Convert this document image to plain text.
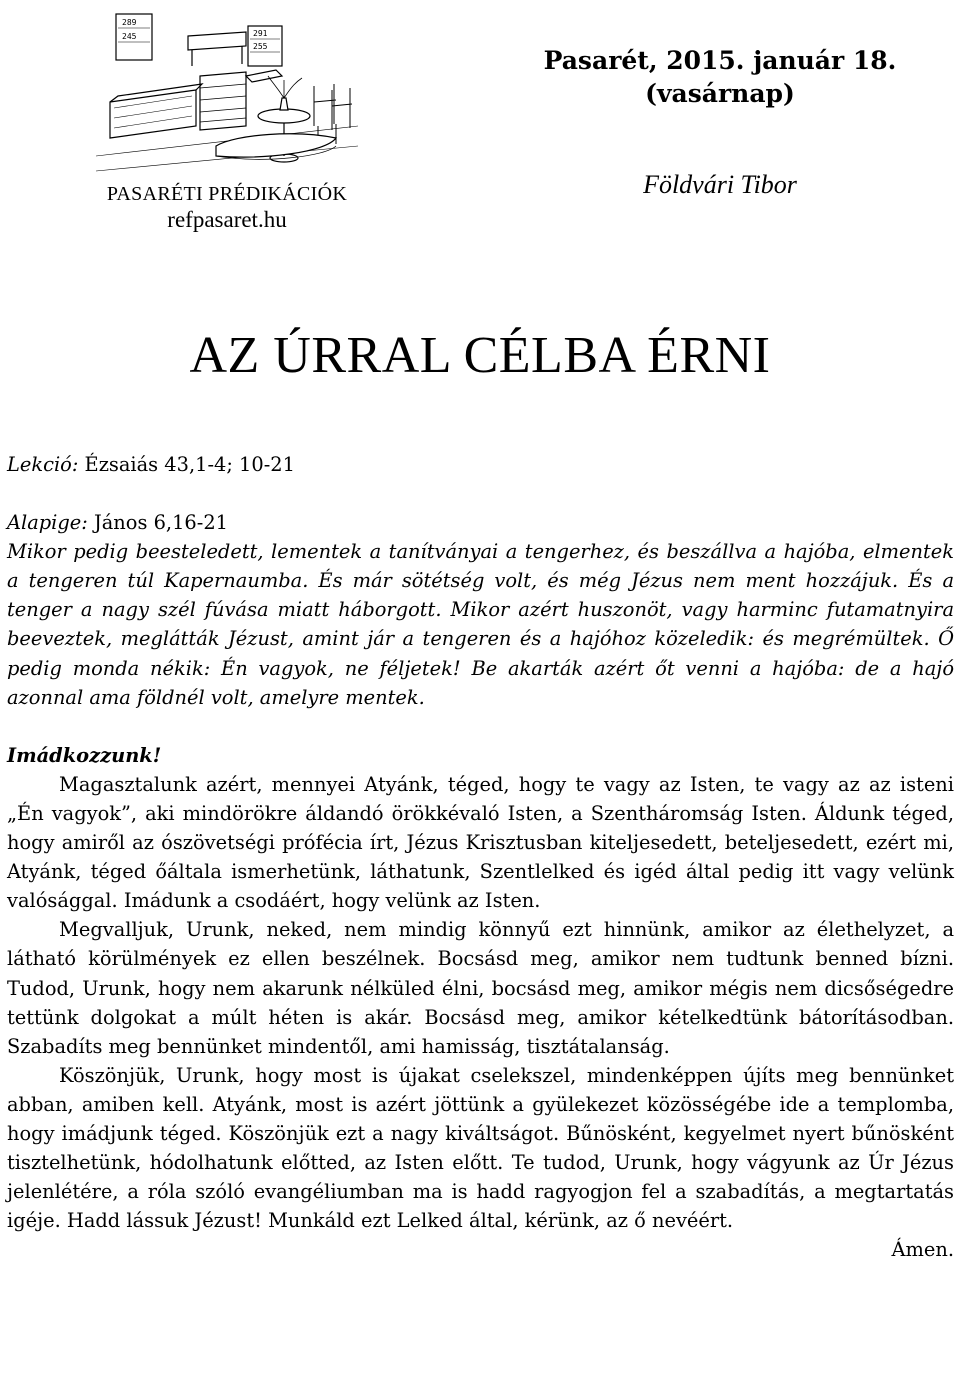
289
245	291
255
PASARÉTI PRÉDIKÁCIÓK
refpasaret.hu
Pasarét, 2015. január 18.
(vasárnap)
Földvári Tibor
AZ ÚRRAL CÉLBA ÉRNI

Lekció: Ézsaiás 43,1-4; 10-21

Alapige: János 6,16-21

Mikor pedig beesteledett, lementek a tanítványai a tengerhez, és beszállva a hajóba, elmentek a tengeren túl Kapernaumba. És már sötétség volt, és még Jézus nem ment hozzájuk. És a tenger a nagy szél fúvása miatt háborgott. Mikor azért huszonöt, vagy harminc futamatnyira beeveztek, meglátták Jézust, amint jár a tengeren és a hajóhoz közeledik: és megrémültek. Ő pedig monda nékik: Én vagyok, ne féljetek! Be akarták azért őt venni a hajóba: de a hajó azonnal ama földnél volt, amelyre mentek.

Imádkozzunk!

Magasztalunk azért, mennyei Atyánk, téged, hogy te vagy az Isten, te vagy az az isteni „Én vagyok”, aki mindörökre áldandó örökkévaló Isten, a Szentháromság Isten. Áldunk téged, hogy amiről az ószövetségi prófécia írt, Jézus Krisztusban kiteljesedett, beteljesedett, ezért mi, Atyánk, téged őáltala ismerhetünk, láthatunk, Szentlelked és igéd által pedig itt vagy velünk valósággal. Imádunk a csodáért, hogy velünk az Isten.

Megvalljuk, Urunk, neked, nem mindig könnyű ezt hinnünk, amikor az élethelyzet, a látható körülmények ez ellen beszélnek. Bocsásd meg, amikor nem tudtunk benned bízni. Tudod, Urunk, hogy nem akarunk nélküled élni, bocsásd meg, amikor mégis nem dicsőségedre tettünk dolgokat a múlt héten is akár. Bocsásd meg, amikor kételkedtünk bátorításodban. Szabadíts meg bennünket mindentől, ami hamisság, tisztátalanság.

Köszönjük, Urunk, hogy most is újakat cselekszel, mindenképpen újíts meg bennünket abban, amiben kell. Atyánk, most is azért jöttünk a gyülekezet közösségébe ide a templomba, hogy imádjunk téged. Köszönjük ezt a nagy kiváltságot. Bűnösként, kegyelmet nyert bűnösként tisztelhetünk, hódolhatunk előtted, az Isten előtt. Te tudod, Urunk, hogy vágyunk az Úr Jézus jelenlétére, a róla szóló evangéliumban ma is hadd ragyogjon fel a szabadítás, a megtartatás igéje. Hadd lássuk Jézust! Munkáld ezt Lelked által, kérünk, az ő nevéért.

Ámen.
